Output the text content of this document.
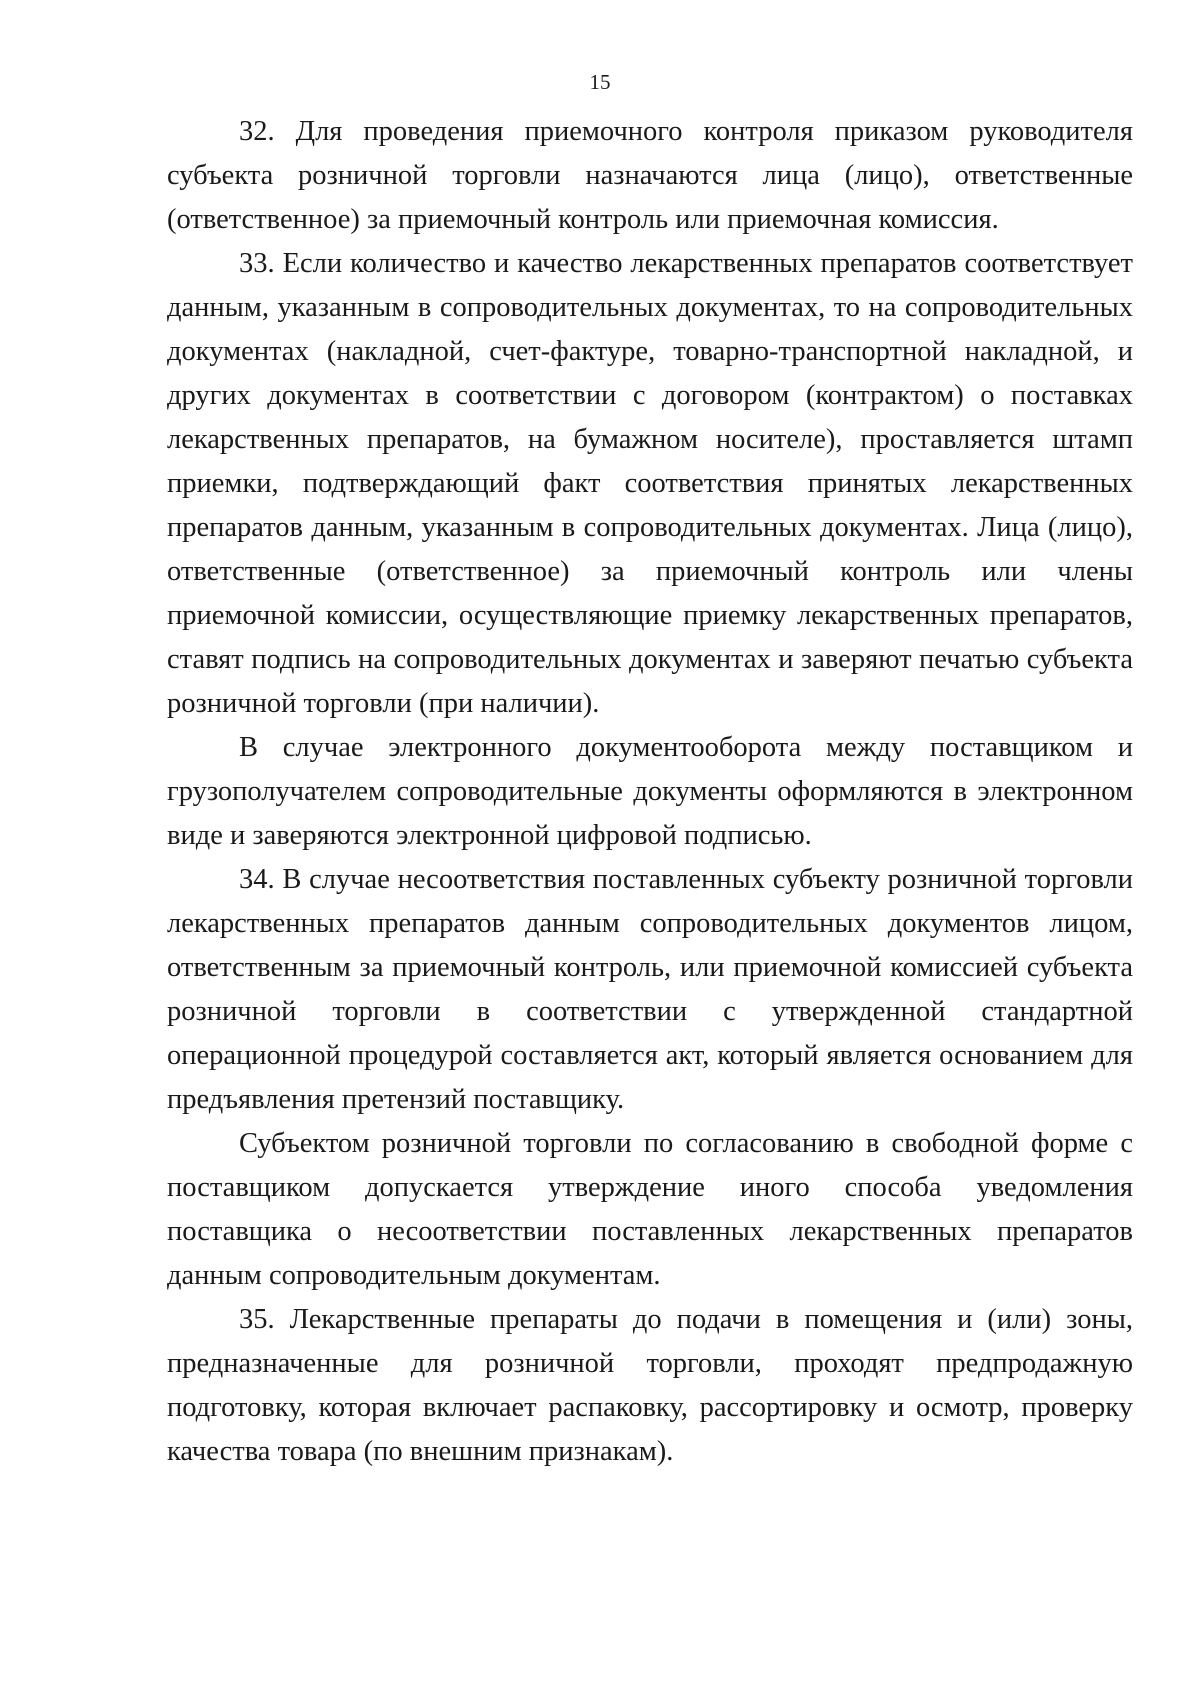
15

32. Для проведения приемочного контроля приказом руководителя субъекта розничной торговли назначаются лица (лицо), ответственные (ответственное) за приемочный контроль или приемочная комиссия.

33. Если количество и качество лекарственных препаратов соответствует данным, указанным в сопроводительных документах, то на сопроводительных документах (накладной, счет-фактуре, товарно-транспортной накладной, и других документах в соответствии с договором (контрактом) о поставках лекарственных препаратов, на бумажном носителе), проставляется штамп приемки, подтверждающий факт соответствия принятых лекарственных препаратов данным, указанным в сопроводительных документах. Лица (лицо), ответственные (ответственное) за приемочный контроль или члены приемочной комиссии, осуществляющие приемку лекарственных препаратов, ставят подпись на сопроводительных документах и заверяют печатью субъекта розничной торговли (при наличии).

В случае электронного документооборота между поставщиком и грузополучателем сопроводительные документы оформляются в электронном виде и заверяются электронной цифровой подписью.

34. В случае несоответствия поставленных субъекту розничной торговли лекарственных препаратов данным сопроводительных документов лицом, ответственным за приемочный контроль, или приемочной комиссией субъекта розничной торговли в соответствии с утвержденной стандартной операционной процедурой составляется акт, который является основанием для предъявления претензий поставщику.

Субъектом розничной торговли по согласованию в свободной форме с поставщиком допускается утверждение иного способа уведомления поставщика о несоответствии поставленных лекарственных препаратов данным сопроводительным документам.

35. Лекарственные препараты до подачи в помещения и (или) зоны, предназначенные для розничной торговли, проходят предпродажную подготовку, которая включает распаковку, рассортировку и осмотр, проверку качества товара (по внешним признакам).
